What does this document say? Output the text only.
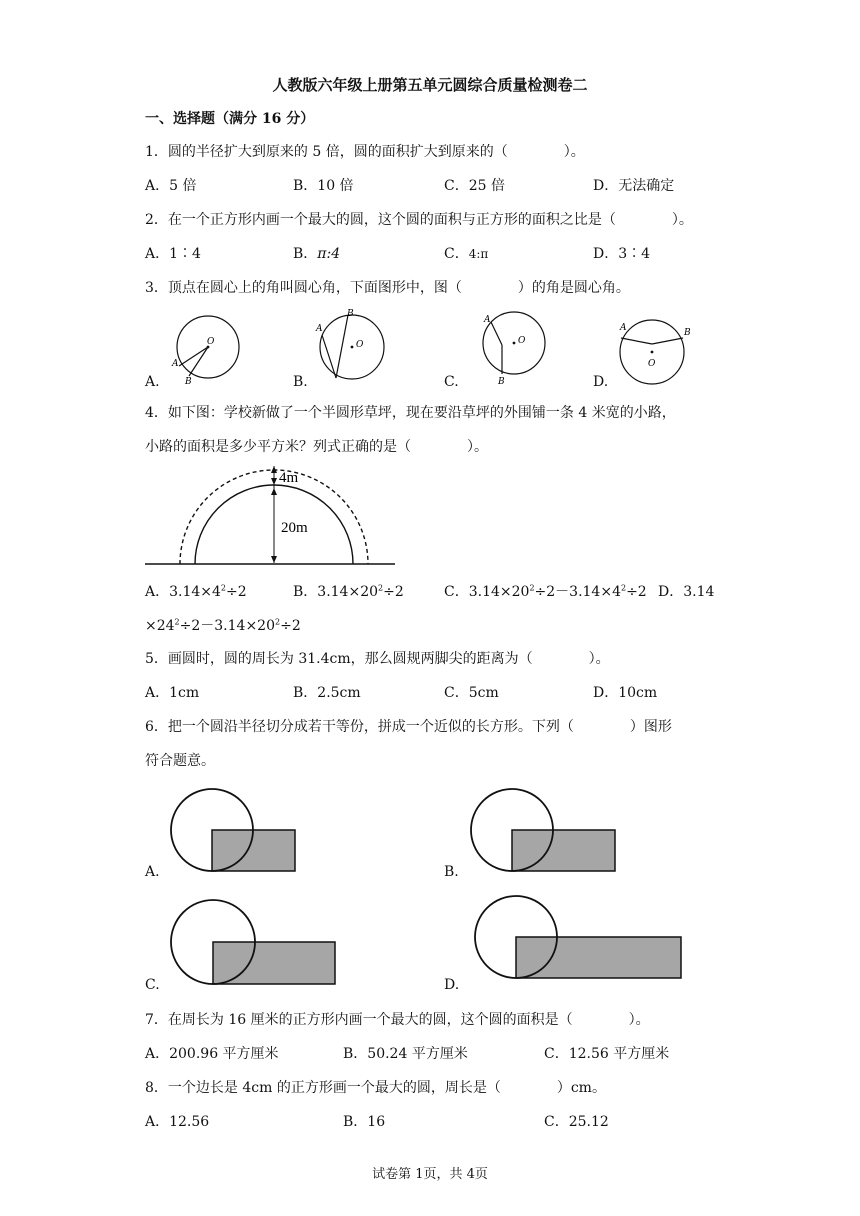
人教版六年级上册第五单元圆综合质量检测卷二
一、选择题（满分 16 分）
1．圆的半径扩大到原来的 5 倍，圆的面积扩大到原来的（　　　　）。
A．5 倍	B．10 倍	C．25 倍	D．无法确定
2．在一个正方形内画一个最大的圆，这个圆的面积与正方形的面积之比是（　　　　）。
A．1∶4	B．π:4	C．4:π	D．3∶4
3．顶点在圆心上的角叫圆心角，下面图形中，图（　　　　）的角是圆心角。
A
B
O
A.
A
B
O
B.
A
B
O
C.
A	B
O
D.
4．如下图：学校新做了一个半圆形草坪，现在要沿草坪的外围铺一条 4 米宽的小路，
小路的面积是多少平方米？列式正确的是（　　　　）。
4m
20m
A．$3.14\times 4^2\div 2$	B．$3.14\times 20^2\div 2$	C．$3.14\times 20^2\div 2-3.14\times 4^2\div 2$ D．3.14
$\times 24^2\div 2-3.14\times 20^2\div 2$
5．画圆时，圆的周长为 31.4cm，那么圆规两脚尖的距离为（　　　　）。
A．1cm	B．2.5cm	C．5cm	D．10cm
6．把一个圆沿半径切分成若干等份，拼成一个近似的长方形。下列（　　　　）图形
符合题意。
A.	B.
C.	D.
7．在周长为 16 厘米的正方形内画一个最大的圆，这个圆的面积是（　　　　）。
A．200.96 平方厘米	B．50.24 平方厘米	C．12.56 平方厘米
8．一个边长是 4cm 的正方形画一个最大的圆，周长是（　　　　）cm。
A．12.56	B．16	C．25.12
试卷第 1页，共 4页
